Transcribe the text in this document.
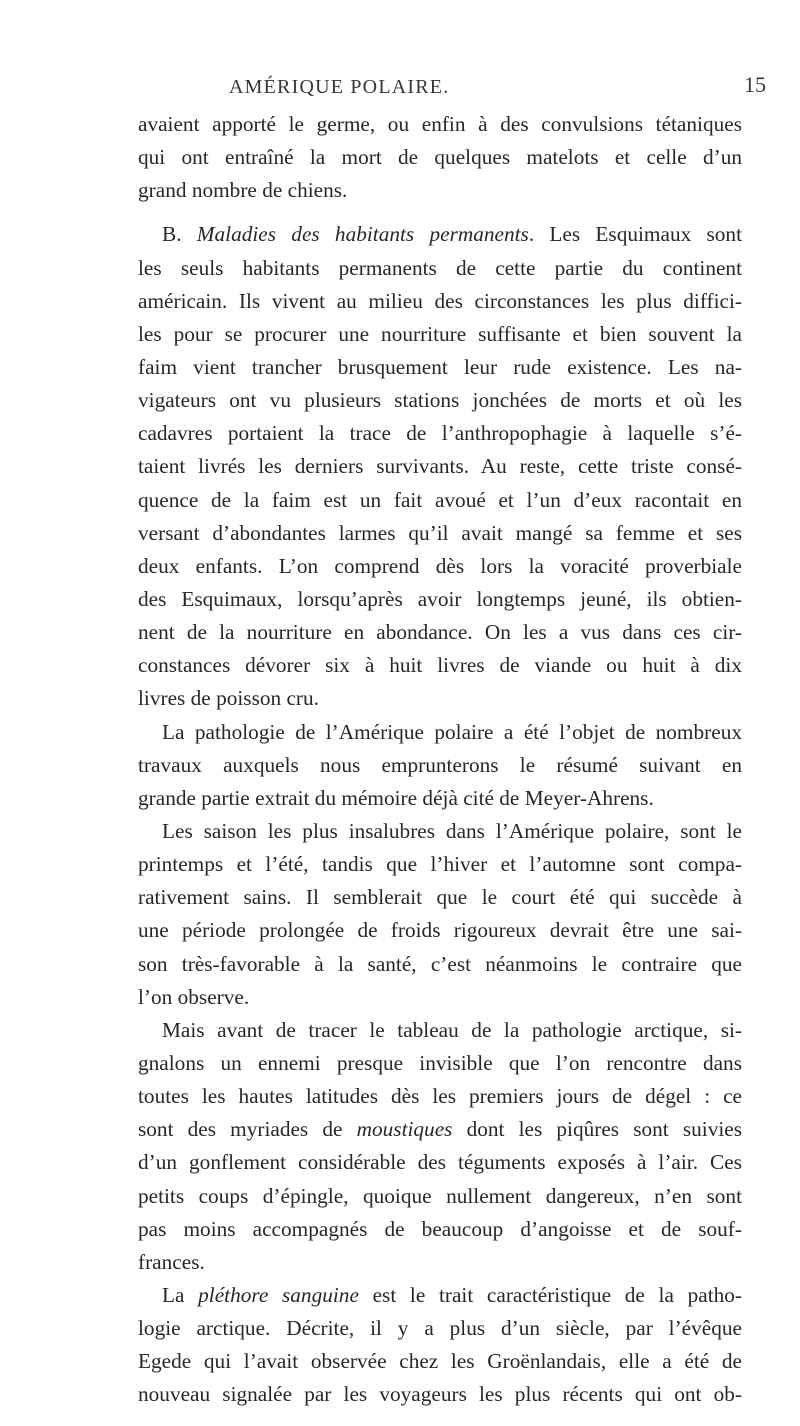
AMÉRIQUE POLAIRE.	15
avaient apporté le germe, ou enfin à des convulsions tétaniques
qui ont entraîné la mort de quelques matelots et celle d’un
grand nombre de chiens.
B. Maladies des habitants permanents. Les Esquimaux sont
les seuls habitants permanents de cette partie du continent
américain. Ils vivent au milieu des circonstances les plus diffici-
les pour se procurer une nourriture suffisante et bien souvent la
faim vient trancher brusquement leur rude existence. Les na-
vigateurs ont vu plusieurs stations jonchées de morts et où les
cadavres portaient la trace de l’anthropophagie à laquelle s’é-
taient livrés les derniers survivants. Au reste, cette triste consé-
quence de la faim est un fait avoué et l’un d’eux racontait en
versant d’abondantes larmes qu’il avait mangé sa femme et ses
deux enfants. L’on comprend dès lors la voracité proverbiale
des Esquimaux, lorsqu’après avoir longtemps jeuné, ils obtien-
nent de la nourriture en abondance. On les a vus dans ces cir-
constances dévorer six à huit livres de viande ou huit à dix
livres de poisson cru.
La pathologie de l’Amérique polaire a été l’objet de nombreux
travaux auxquels nous emprunterons le résumé suivant en
grande partie extrait du mémoire déjà cité de Meyer-Ahrens.
Les saison les plus insalubres dans l’Amérique polaire, sont le
printemps et l’été, tandis que l’hiver et l’automne sont compa-
rativement sains. Il semblerait que le court été qui succède à
une période prolongée de froids rigoureux devrait être une sai-
son très-favorable à la santé, c’est néanmoins le contraire que
l’on observe.
Mais avant de tracer le tableau de la pathologie arctique, si-
gnalons un ennemi presque invisible que l’on rencontre dans
toutes les hautes latitudes dès les premiers jours de dégel : ce
sont des myriades de moustiques dont les piqûres sont suivies
d’un gonflement considérable des téguments exposés à l’air. Ces
petits coups d’épingle, quoique nullement dangereux, n’en sont
pas moins accompagnés de beaucoup d’angoisse et de souf-
frances.
La pléthore sanguine est le trait caractéristique de la patho-
logie arctique. Décrite, il y a plus d’un siècle, par l’évêque
Egede qui l’avait observée chez les Groënlandais, elle a été de
nouveau signalée par les voyageurs les plus récents qui ont ob-
